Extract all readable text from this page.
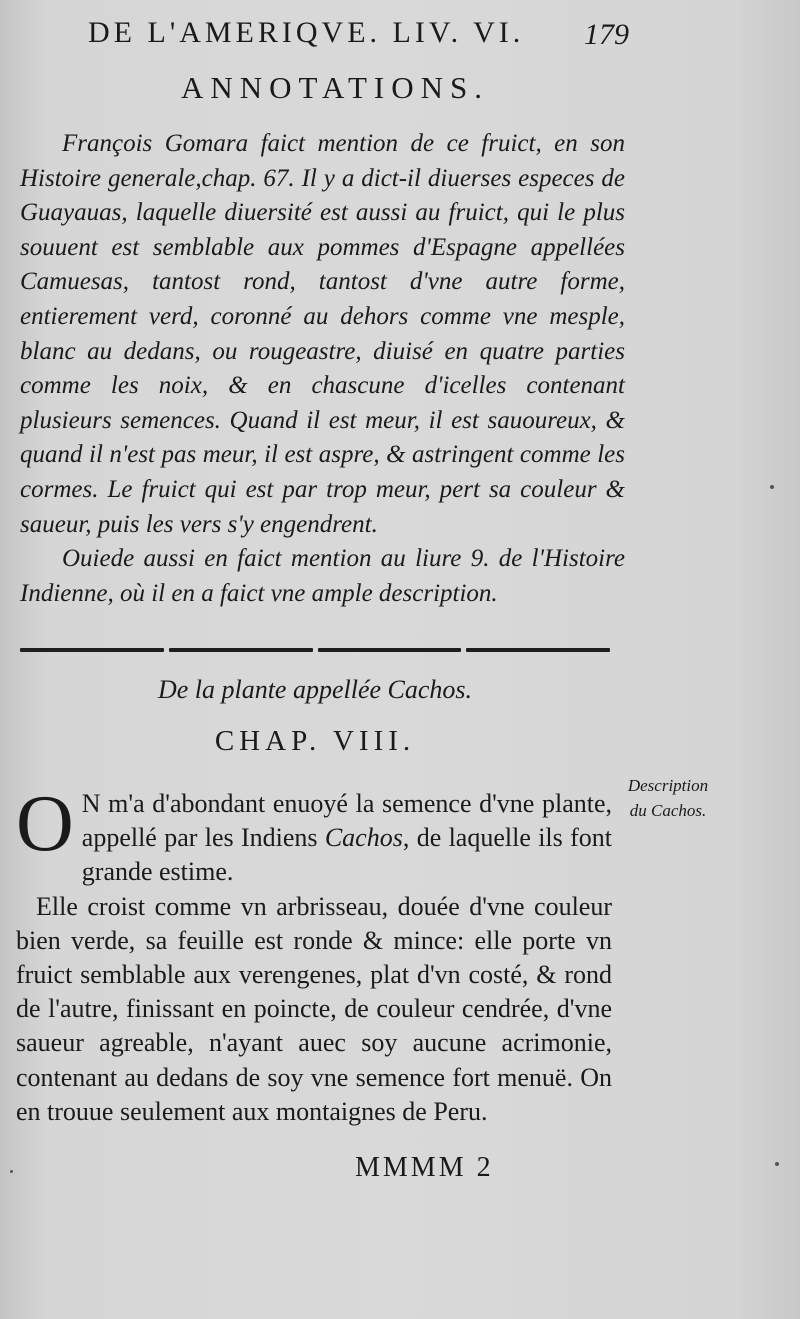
DE L'AMERIQVE. LIV. VI.	179
ANNOTATIONS.

François Gomara faict mention de ce fruict, en son Histoire generale,chap. 67. Il y a dict-il diuerses especes de Guayauas, laquelle diuersité est aussi au fruict, qui le plus souuent est semblable aux pommes d'Espagne appellées Camuesas, tantost rond, tantost d'vne autre forme, entierement verd, coronné au dehors comme vne mesple, blanc au dedans, ou rougeastre, diuisé en quatre parties comme les noix, & en chascune d'icelles contenant plusieurs semences. Quand il est meur, il est sauoureux, & quand il n'est pas meur, il est aspre, & astringent comme les cormes. Le fruict qui est par trop meur, pert sa couleur & saueur, puis les vers s'y engendrent.

Ouiede aussi en faict mention au liure 9. de l'Histoire Indienne, où il en a faict vne ample description.

De la plante appellée Cachos.
CHAP. VIII.

O N m'a d'abondant enuoyé la semence d'vne plante, appellé par les Indiens Cachos, de laquelle ils font grande estime.

Elle croist comme vn arbrisseau, douée d'vne couleur bien verde, sa feuille est ronde & mince: elle porte vn fruict semblable aux verengenes, plat d'vn costé, & rond de l'autre, finissant en poincte, de couleur cendrée, d'vne saueur agreable, n'ayant auec soy aucune acrimonie, contenant au dedans de soy vne semence fort menuë. On en trouue seulement aux montaignes de Peru.

Description du Cachos.
MMMM 2
